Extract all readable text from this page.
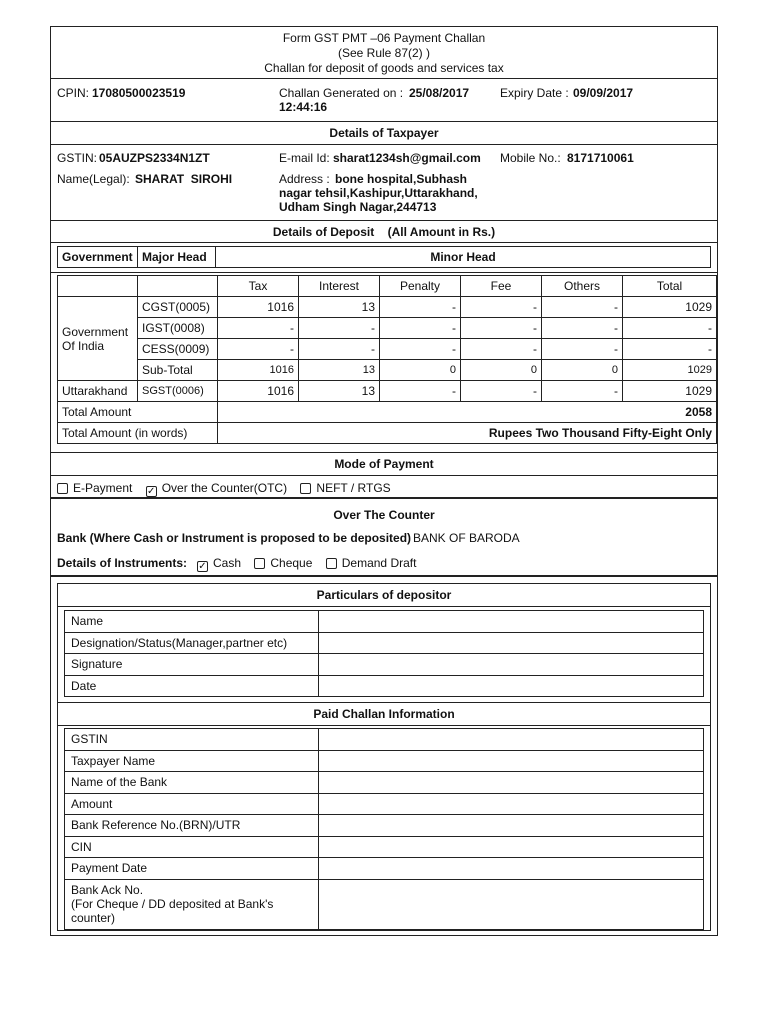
Form GST PMT –06 Payment Challan
(See Rule 87(2) )
Challan for deposit of goods and services tax
CPIN: 17080500023519	Challan Generated on : 25/08/2017
12:44:16
Expiry Date : 09/09/2017
Details of Taxpayer
GSTIN: 05AUZPS2334N1ZT	E-mail Id: sharat1234sh@gmail.com Mobile No.: 8171710061
Name(Legal): SHARAT  SIROHI	Address : bone hospital,Subhash
nagar tehsil,Kashipur,Uttarakhand,
Udham Singh Nagar,244713
Details of Deposit (All Amount in Rs.)
Government	Major Head	Minor Head
		Tax	Interest	Penalty	Fee	Others	Total

Government
Of India	CGST(0005)	1016	13	-	-	-	1029
	IGST(0008)	-	-	-	-	-	-
	CESS(0009)	-	-	-	-	-	-
	Sub-Total	1016	13	0	0	0	1029
Uttarakhand	SGST(0006)	1016	13	-	-	-	1029
Total Amount		2058					
Total Amount (in words)		Rupees Two Thousand Fifty-Eight Only					
Mode of Payment
E-Payment ✓ Over the Counter(OTC) NEFT / RTGS
Over The Counter
Bank (Where Cash or Instrument is proposed to be deposited) BANK OF BARODA
Details of Instruments: ✓ Cash Cheque Demand Draft
Particulars of depositor
Name	
Designation/Status(Manager,partner etc)	
Signature	
Date	
Paid Challan Information
GSTIN	
Taxpayer Name	
Name of the Bank	
Amount	
Bank Reference No.(BRN)/UTR	
CIN	
Payment Date	

Bank Ack No.
(For Cheque / DD deposited at Bank's
counter)	
